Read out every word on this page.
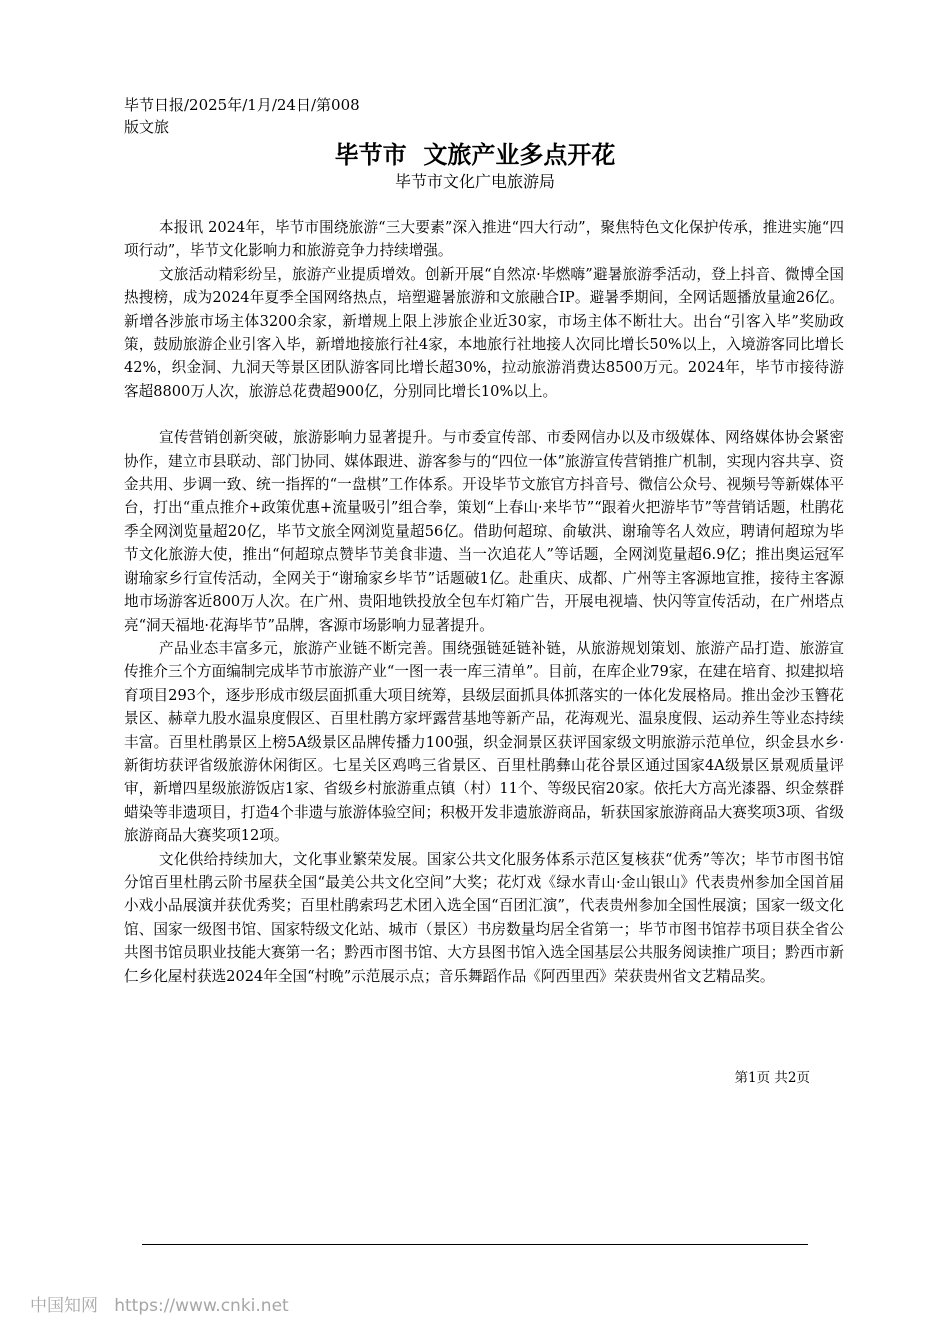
毕节日报/2025年/1月/24日/第008
版文旅
毕节市  文旅产业多点开花
毕节市文化广电旅游局

本报讯 2024年，毕节市围绕旅游“三大要素”深入推进“四大行动”，聚焦特色文化保护传承，推进实施“四项行动”，毕节文化影响力和旅游竞争力持续增强。

文旅活动精彩纷呈，旅游产业提质增效。创新开展“自然凉·毕燃嗨”避暑旅游季活动，登上抖音、微博全国热搜榜，成为2024年夏季全国网络热点，培塑避暑旅游和文旅融合IP。避暑季期间，全网话题播放量逾26亿。新增各涉旅市场主体3200余家，新增规上限上涉旅企业近30家，市场主体不断壮大。出台“引客入毕”奖励政策，鼓励旅游企业引客入毕，新增地接旅行社4家，本地旅行社地接人次同比增长50%以上，入境游客同比增长42%，织金洞、九洞天等景区团队游客同比增长超30%，拉动旅游消费达8500万元。2024年，毕节市接待游客超8800万人次，旅游总花费超900亿，分别同比增长10%以上。

宣传营销创新突破，旅游影响力显著提升。与市委宣传部、市委网信办以及市级媒体、网络媒体协会紧密协作，建立市县联动、部门协同、媒体跟进、游客参与的“四位一体”旅游宣传营销推广机制，实现内容共享、资金共用、步调一致、统一指挥的“一盘棋”工作体系。开设毕节文旅官方抖音号、微信公众号、视频号等新媒体平台，打出“重点推介+政策优惠+流量吸引”组合拳，策划“上春山·来毕节”“跟着火把游毕节”等营销话题，杜鹃花季全网浏览量超20亿，毕节文旅全网浏览量超56亿。借助何超琼、俞敏洪、谢瑜等名人效应，聘请何超琼为毕节文化旅游大使，推出“何超琼点赞毕节美食非遗、当一次追花人”等话题，全网浏览量超6.9亿；推出奥运冠军谢瑜家乡行宣传活动，全网关于“谢瑜家乡毕节”话题破1亿。赴重庆、成都、广州等主客源地宣推，接待主客源地市场游客近800万人次。在广州、贵阳地铁投放全包车灯箱广告，开展电视墙、快闪等宣传活动，在广州塔点亮“洞天福地·花海毕节”品牌，客源市场影响力显著提升。

产品业态丰富多元，旅游产业链不断完善。围绕强链延链补链，从旅游规划策划、旅游产品打造、旅游宣传推介三个方面编制完成毕节市旅游产业“一图一表一库三清单”。目前，在库企业79家，在建在培育、拟建拟培育项目293个，逐步形成市级层面抓重大项目统筹，县级层面抓具体抓落实的一体化发展格局。推出金沙玉簪花景区、赫章九股水温泉度假区、百里杜鹃方家坪露营基地等新产品，花海观光、温泉度假、运动养生等业态持续丰富。百里杜鹃景区上榜5A级景区品牌传播力100强，织金洞景区获评国家级文明旅游示范单位，织金县水乡·新街坊获评省级旅游休闲街区。七星关区鸡鸣三省景区、百里杜鹃彝山花谷景区通过国家4A级景区景观质量评审，新增四星级旅游饭店1家、省级乡村旅游重点镇（村）11个、等级民宿20家。依托大方高光漆器、织金蔡群蜡染等非遗项目，打造4个非遗与旅游体验空间；积极开发非遗旅游商品，斩获国家旅游商品大赛奖项3项、省级旅游商品大赛奖项12项。

文化供给持续加大，文化事业繁荣发展。国家公共文化服务体系示范区复核获“优秀”等次；毕节市图书馆分馆百里杜鹃云阶书屋获全国“最美公共文化空间”大奖；花灯戏《绿水青山·金山银山》代表贵州参加全国首届小戏小品展演并获优秀奖；百里杜鹃索玛艺术团入选全国“百团汇演”，代表贵州参加全国性展演；国家一级文化馆、国家一级图书馆、国家特级文化站、城市（景区）书房数量均居全省第一；毕节市图书馆荐书项目获全省公共图书馆员职业技能大赛第一名；黔西市图书馆、大方县图书馆入选全国基层公共服务阅读推广项目；黔西市新仁乡化屋村获选2024年全国“村晚”示范展示点；音乐舞蹈作品《阿西里西》荣获贵州省文艺精品奖。

第1页 共2页
中国知网   https://www.cnki.net
